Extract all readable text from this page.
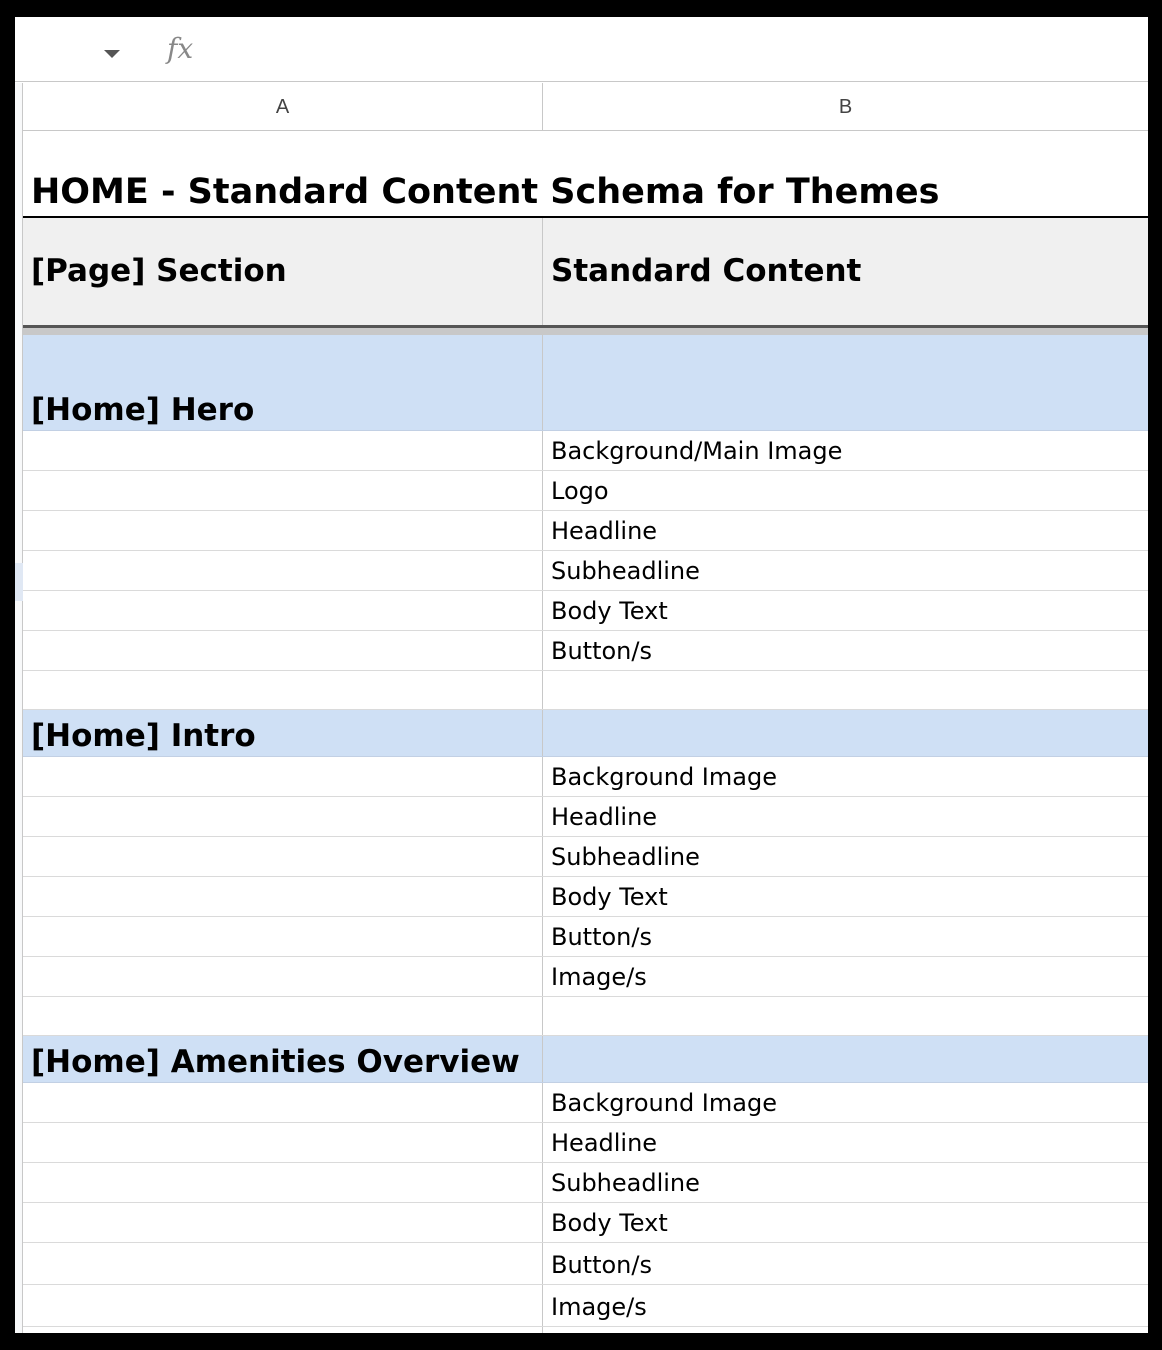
fx
A	B
HOME - Standard Content Schema for Themes
[Page] Section	Standard Content
[Home] Hero
Background/Main Image
Logo
Headline
Subheadline
Body Text
Button/s
[Home] Intro
Background Image
Headline
Subheadline
Body Text
Button/s
Image/s
[Home] Amenities Overview
Background Image
Headline
Subheadline
Body Text
Button/s
Image/s
